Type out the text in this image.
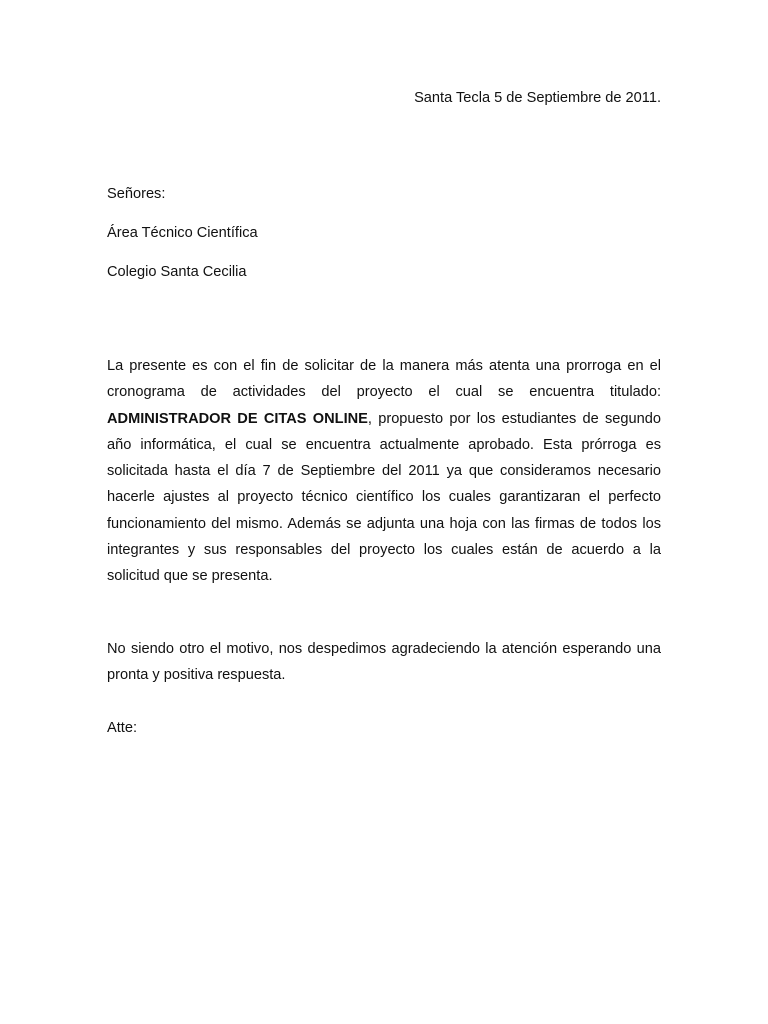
Santa Tecla 5 de Septiembre de 2011.
Señores:
Área Técnico Científica
Colegio Santa Cecilia

La presente es con el fin de solicitar de la manera más atenta una prorroga en el cronograma de actividades del proyecto el cual se encuentra titulado: ADMINISTRADOR DE CITAS ONLINE, propuesto por los estudiantes de segundo año informática, el cual se encuentra actualmente aprobado. Esta prórroga es solicitada hasta el día 7 de Septiembre del 2011 ya que consideramos necesario hacerle ajustes al proyecto técnico científico los cuales garantizaran el perfecto funcionamiento del mismo. Además se adjunta una hoja con las firmas de todos los integrantes y sus responsables del proyecto los cuales están de acuerdo a la solicitud que se presenta.

No siendo otro el motivo, nos despedimos agradeciendo la atención esperando una pronta y positiva respuesta.

Atte:
